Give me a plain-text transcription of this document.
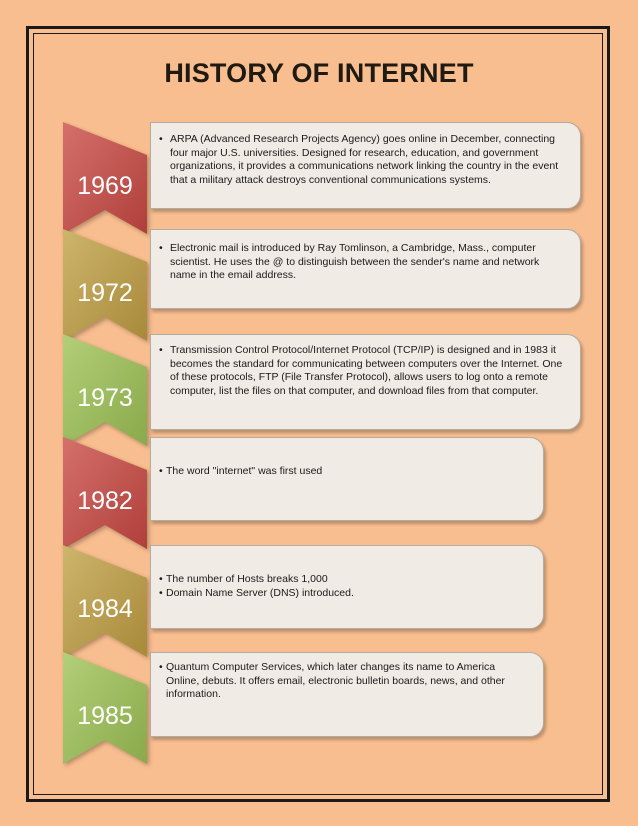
HISTORY OF INTERNET
1969
• ARPA (Advanced Research Projects Agency) goes online in December, connecting four major U.S. universities. Designed for research, education, and government organizations, it provides a communications network linking the country in the event that a military attack destroys conventional communications systems.
1972
• Electronic mail is introduced by Ray Tomlinson, a Cambridge, Mass., computer scientist. He uses the @ to distinguish between the sender's name and network name in the email address.
1973
• Transmission Control Protocol/Internet Protocol (TCP/IP) is designed and in 1983 it becomes the standard for communicating between computers over the Internet. One of these protocols, FTP (File Transfer Protocol), allows users to log onto a remote computer, list the files on that computer, and download files from that computer.
1982
• The word "internet" was first used
1984
• The number of Hosts breaks 1,000
• Domain Name Server (DNS) introduced.
1985
• Quantum Computer Services, which later changes its name to America Online, debuts. It offers email, electronic bulletin boards, news, and other information.
